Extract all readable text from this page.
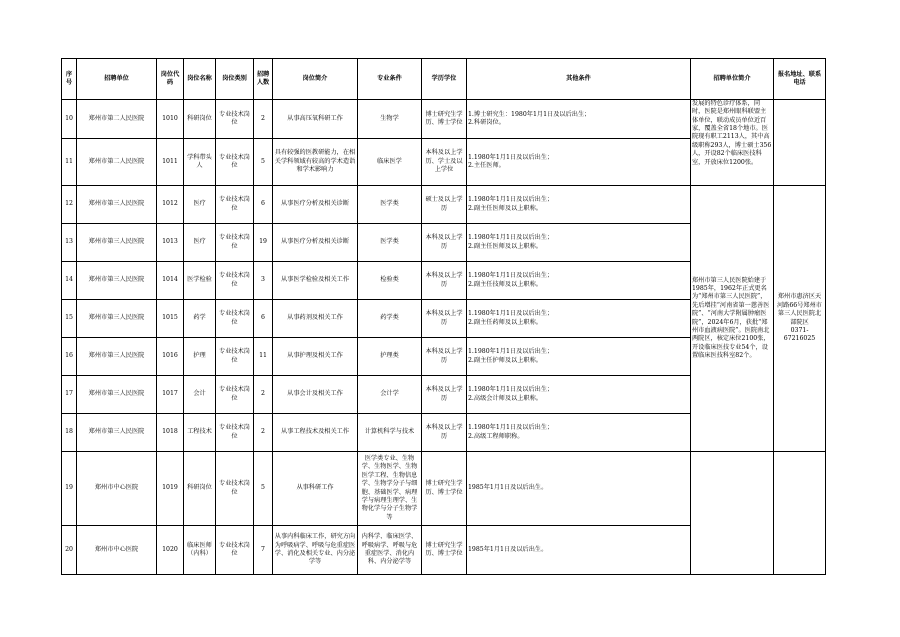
序号	招聘单位	岗位代码	岗位名称	岗位类别	招聘人数	岗位简介	专业条件	学历学位	其他条件	招聘单位简介	报名地址、联系电话
10	郑州市第二人民医院	1010	科研岗位	专业技术岗位	2	从事高压氧科研工作	生物学	博士研究生学历、博士学位	1.博士研究生：1980年1月1日及以后出生；
2.科研岗位。	发展的特色诊疗体系，同时，医院是郑州眼科联盟主体单位，联动成员单位近百家，覆盖全省18个地市。医院现有职工2113人，其中高级职称293人，博士硕士356人，开设82个临床医技科室，开放床位1200张。	
11	郑州市第二人民医院	1011	学科带头人	专业技术岗位	5	具有较强的医教研能力，在相关学科领域有较高的学术造诣和学术影响力	临床医学	本科及以上学历、学士及以上学位	1.1980年1月1日及以后出生；
2.主任医师。		
12	郑州市第三人民医院	1012	医疗	专业技术岗位	6	从事医疗分析及相关诊断	医学类	硕士及以上学历	1.1980年1月1日及以后出生；
2.副主任医师及以上职称。	郑州市第三人民医院始建于1985年，1962年正式更名为“郑州市第三人民医院”，先后增挂“河南省第一慈善医院”、“河南大学附属肿瘤医院”，2024年6月，获批“郑州市血液病医院”。医院南北两院区，核定床位2100张，开设临床医技专业54个，设置临床医技科室82个。	郑州市惠济区天河路66号郑州市第三人民医院北部院区
0371-67216025
13	郑州市第三人民医院	1013	医疗	专业技术岗位	19	从事医疗分析及相关诊断	医学类	本科及以上学历	1.1980年1月1日及以后出生；
2.副主任医师及以上职称。		
14	郑州市第三人民医院	1014	医学检验	专业技术岗位	3	从事医学检验及相关工作	检验类	本科及以上学历	1.1980年1月1日及以后出生；
2.副主任技师及以上职称。		
15	郑州市第三人民医院	1015	药学	专业技术岗位	6	从事药剂及相关工作	药学类	本科及以上学历	1.1980年1月1日及以后出生；
2.副主任药师及以上职称。		
16	郑州市第三人民医院	1016	护理	专业技术岗位	11	从事护理及相关工作	护理类	本科及以上学历	1.1980年1月1日及以后出生；
2.副主任护师及以上职称。		
17	郑州市第三人民医院	1017	会计	专业技术岗位	2	从事会计及相关工作	会计学	本科及以上学历	1.1980年1月1日及以后出生；
2.高级会计师及以上职称。		
18	郑州市第三人民医院	1018	工程技术	专业技术岗位	2	从事工程技术及相关工作	计算机科学与技术	本科及以上学历	1.1980年1月1日及以后出生；
2.高级工程师职称。		
19	郑州市中心医院	1019	科研岗位	专业技术岗位	5	从事科研工作	医学类专业、生物学、生物医学、生物医学工程、生物信息学、生物学分子与细胞、基础医学、病理学与病理生理学、生物化学与分子生物学等	博士研究生学历、博士学位	1985年1月1日及以后出生。		
20	郑州市中心医院	1020	临床医师（内科）	专业技术岗位	7	从事内科临床工作，研究方向为呼吸病学、呼吸与危重症医学、消化及相关专业、内分泌学等	内科学、临床医学、呼吸病学、呼吸与危重症医学、消化内科、内分泌学等	博士研究生学历、博士学位	1985年1月1日及以后出生。		
